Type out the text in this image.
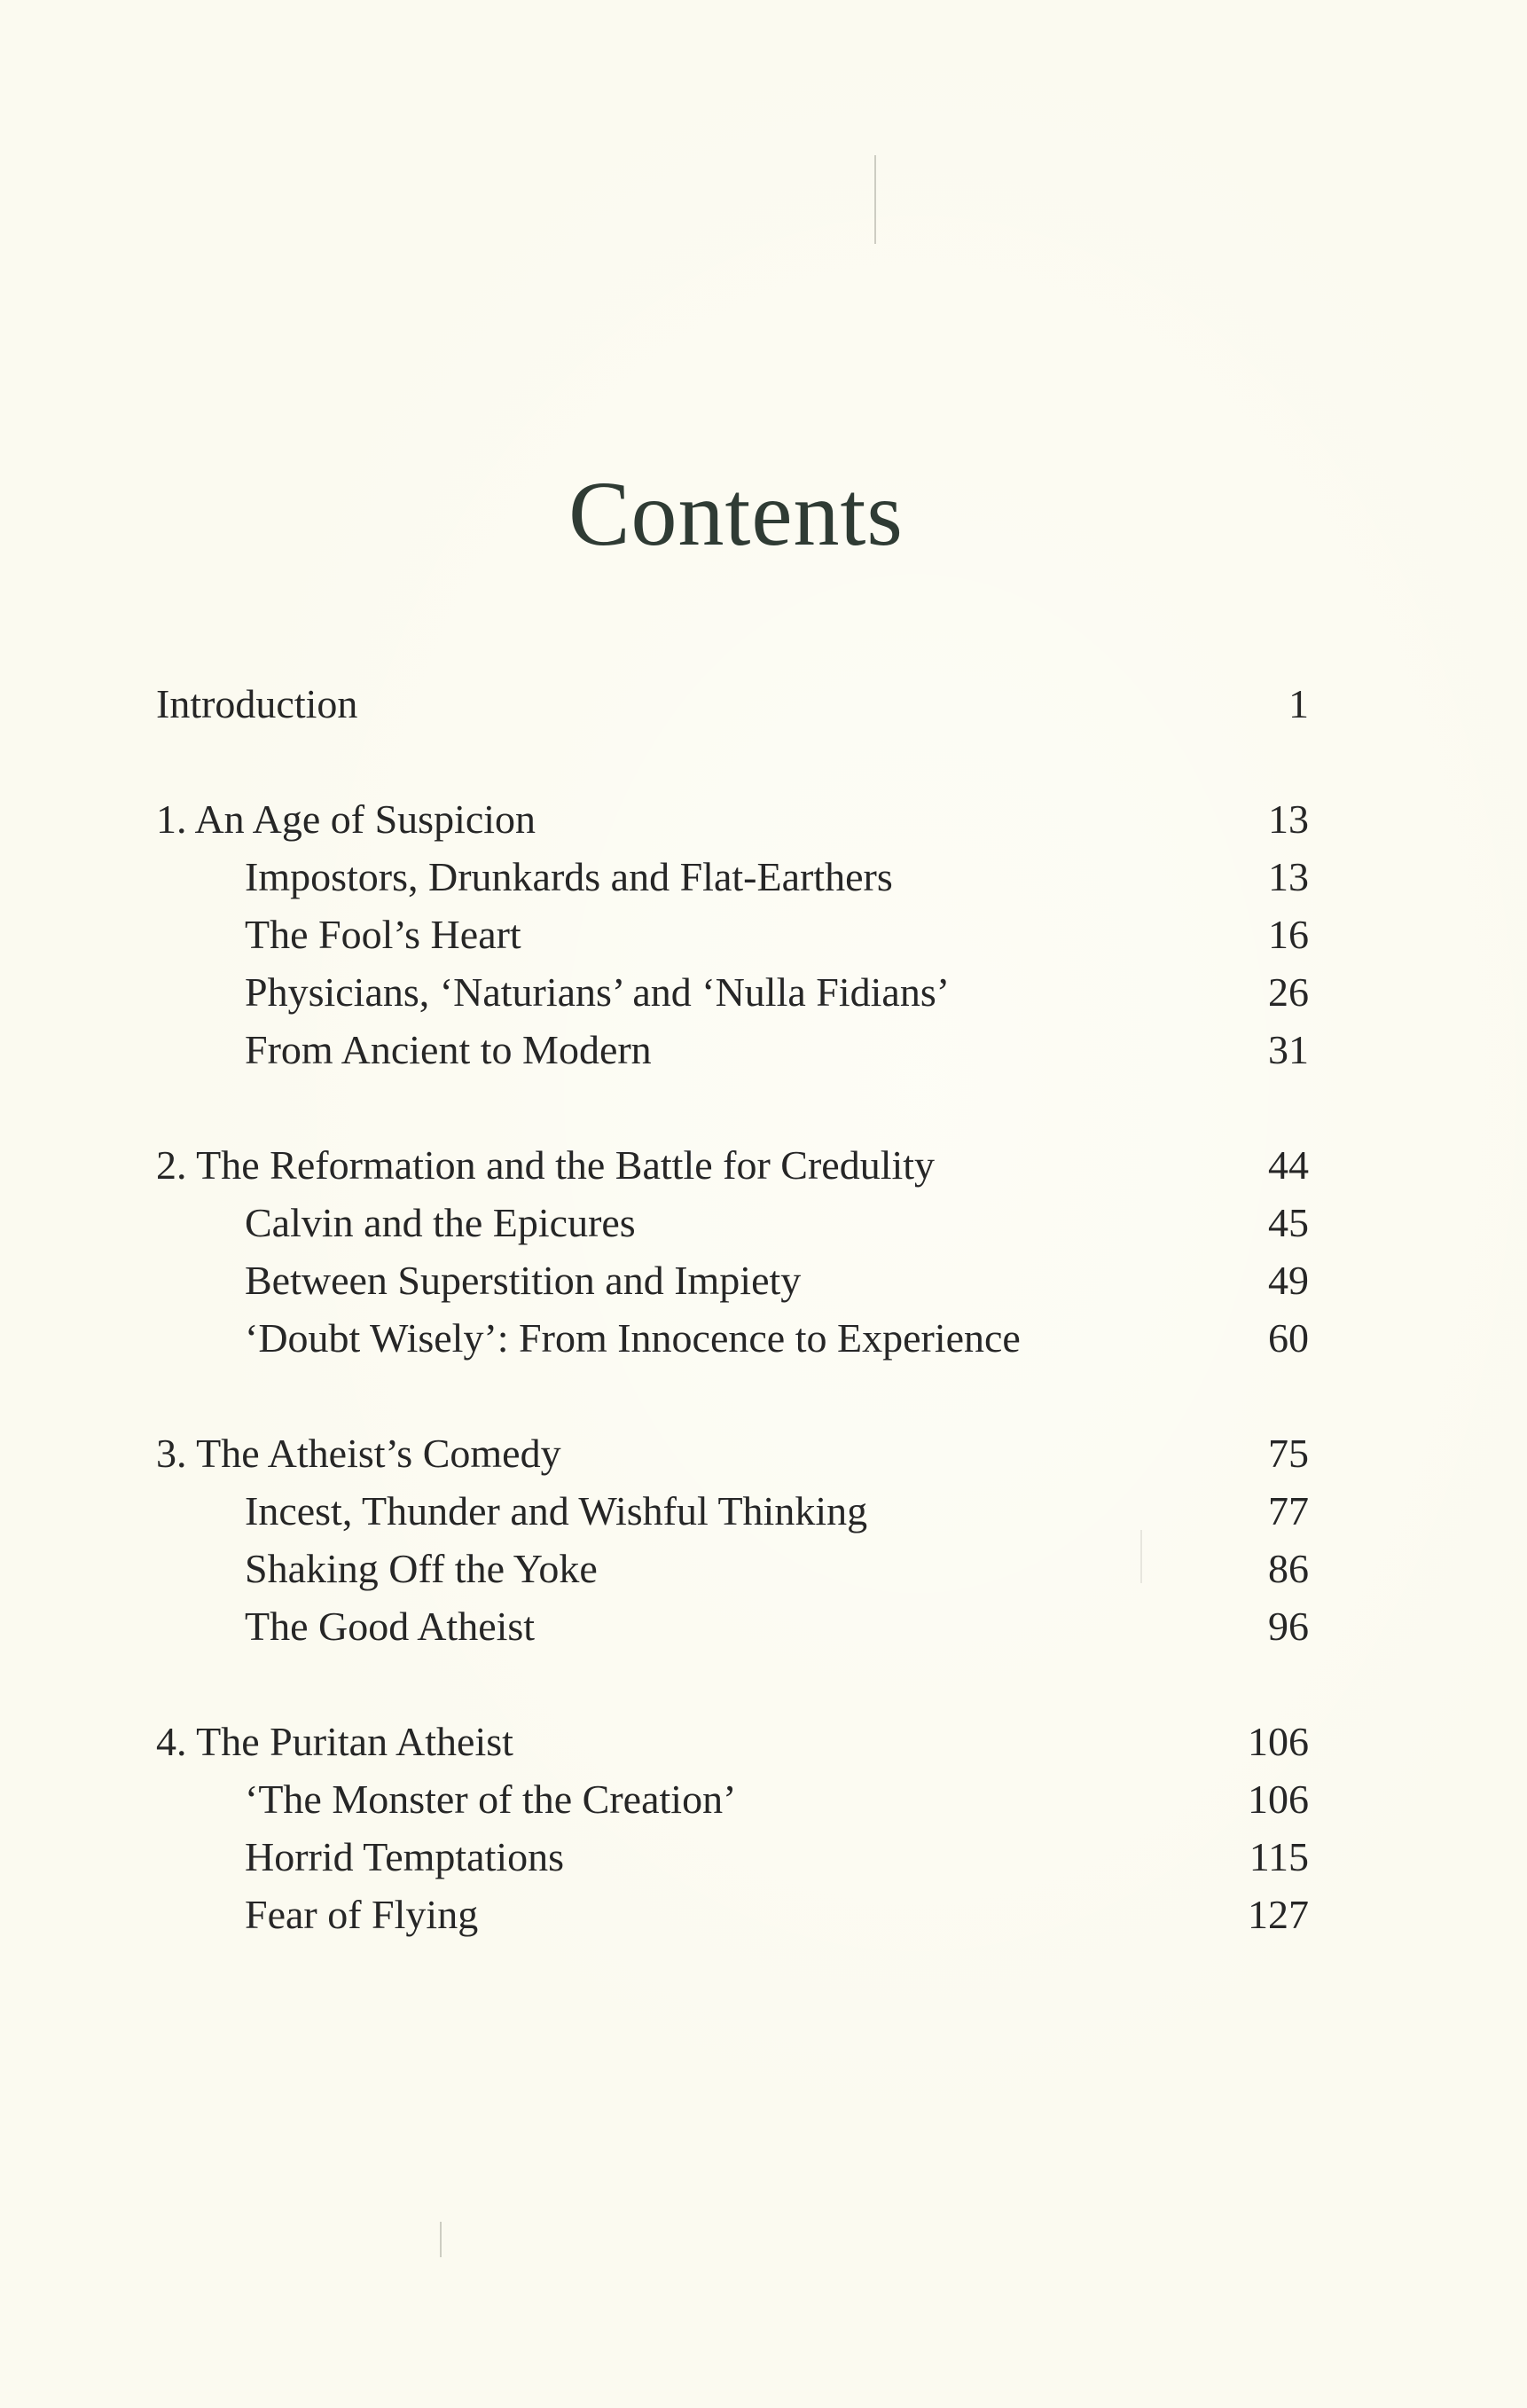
Contents
Introduction	1
1. An Age of Suspicion	13
Impostors, Drunkards and Flat-Earthers	13
The Fool’s Heart	16
Physicians, ‘Naturians’ and ‘Nulla Fidians’	26
From Ancient to Modern	31
2. The Reformation and the Battle for Credulity	44
Calvin and the Epicures	45
Between Superstition and Impiety	49
‘Doubt Wisely’: From Innocence to Experience	60
3. The Atheist’s Comedy	75
Incest, Thunder and Wishful Thinking	77
Shaking Off the Yoke	86
The Good Atheist	96
4. The Puritan Atheist	106
‘The Monster of the Creation’	106
Horrid Temptations	115
Fear of Flying	127
